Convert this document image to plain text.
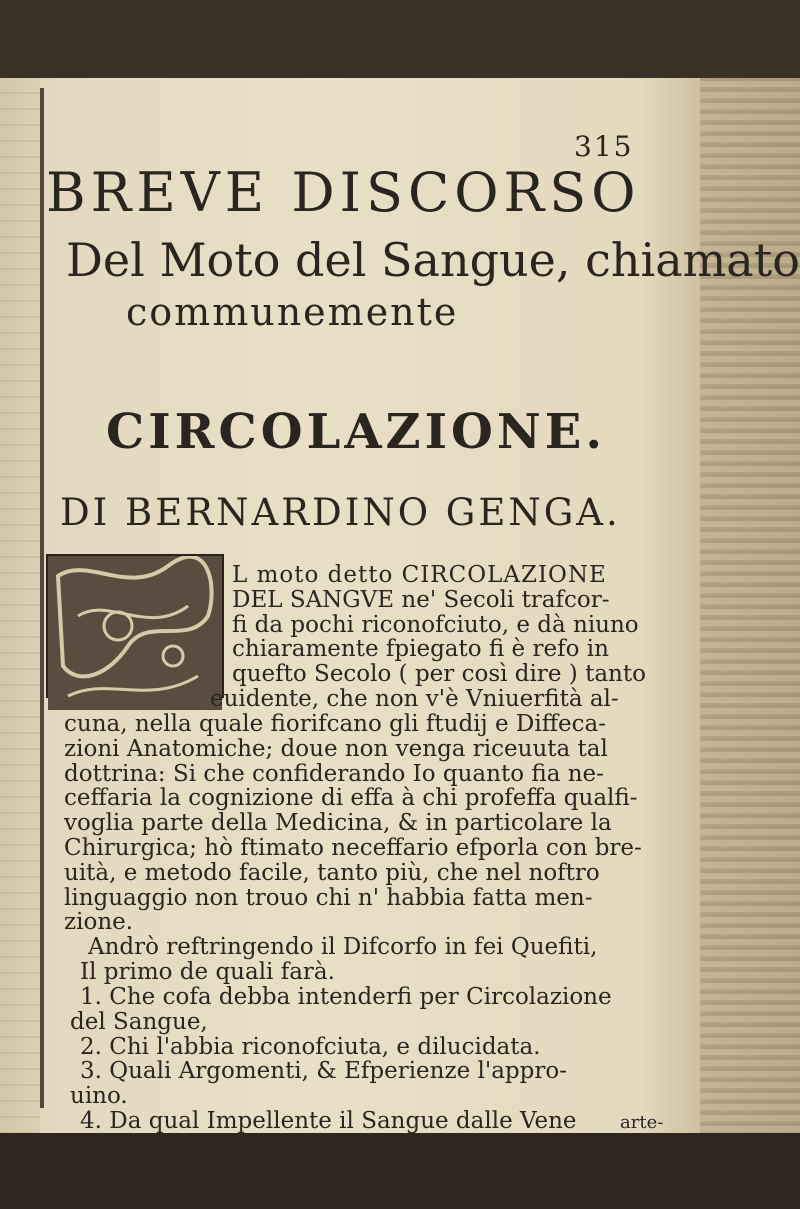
315
BREVE DISCORSO
Del Moto del Sangue, chiamato
communemente
CIRCOLAZIONE.
DI BERNARDINO GENGA.
L moto detto CIRCOLAZIONE
DEL SANGVE ne' Secoli trafcor-
fi da pochi riconofciuto, e dà niuno
chiaramente fpiegato fi è refo in
quefto Secolo ( per così dire ) tanto
euidente, che non v'è Vniuerfità al-
cuna, nella quale fiorifcano gli ftudij e Diffeca-
zioni Anatomiche; doue non venga riceuuta tal
dottrina: Si che confiderando Io quanto fia ne-
ceffaria la cognizione di effa à chi profeffa qualfi-
voglia parte della Medicina, & in particolare la
Chirurgica; hò ftimato neceffario efporla con bre-
uità, e metodo facile, tanto più, che nel noftro
linguaggio non trouo chi n' habbia fatta men-
zione.
Andrò reftringendo il Difcorfo in fei Quefiti,
Il primo de quali farà.
1. Che cofa debba intenderfi per Circolazione
del Sangue,
2. Chi l'abbia riconofciuta, e dilucidata.
3. Quali Argomenti, & Efperienze l'appro-
uino.
4. Da qual Impellente il Sangue dalle Vene arte-
